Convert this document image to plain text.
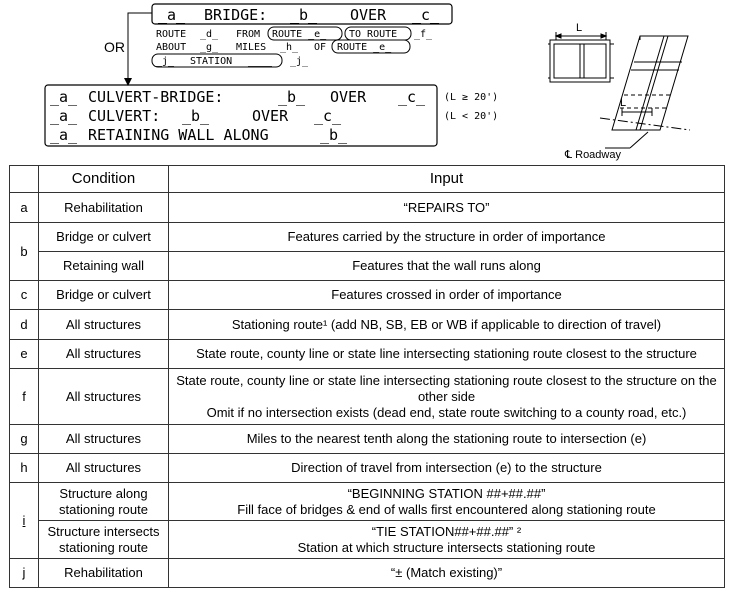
_a_ BRIDGE: _b_ OVER _c_
ROUTE _d_ FROM ROUTE _e_ TO ROUTE _f_
ABOUT _g_ MILES _h_ OF ROUTE _e_
_j_ STATION ____ _j_
OR
_a_ CULVERT-BRIDGE:	_b_ OVER _c_ (L ≥ 20')
_a_ CULVERT: _b_	OVER _c_	(L < 20')
_a_ RETAINING WALL ALONG	_b_
L
L
℄ Roadway
	Condition	Input
a	Rehabilitation	“REPAIRS TO”
b	Bridge or culvert	Features carried by the structure in order of importance
	Retaining wall	Features that the wall runs along
c	Bridge or culvert	Features crossed in order of importance
d	All structures	Stationing route¹ (add NB, SB, EB or WB if applicable to direction of travel)
e	All structures	State route, county line or state line intersecting stationing route closest to the structure
f	All structures	State route, county line or state line intersecting stationing route closest to the structure on the other side
Omit if no intersection exists (dead end, state route switching to a county road, etc.)

g	All structures	Miles to the nearest tenth along the stationing route to intersection (e)
h	All structures	Direction of travel from intersection (e) to the structure
i	Structure along stationing route	“BEGINNING STATION ##+##.##”
Fill face of bridges & end of walls first encountered along stationing route

	Structure intersects stationing route	“TIE STATION##+##.##” ²
Station at which structure intersects stationing route

j	Rehabilitation	“± (Match existing)”
